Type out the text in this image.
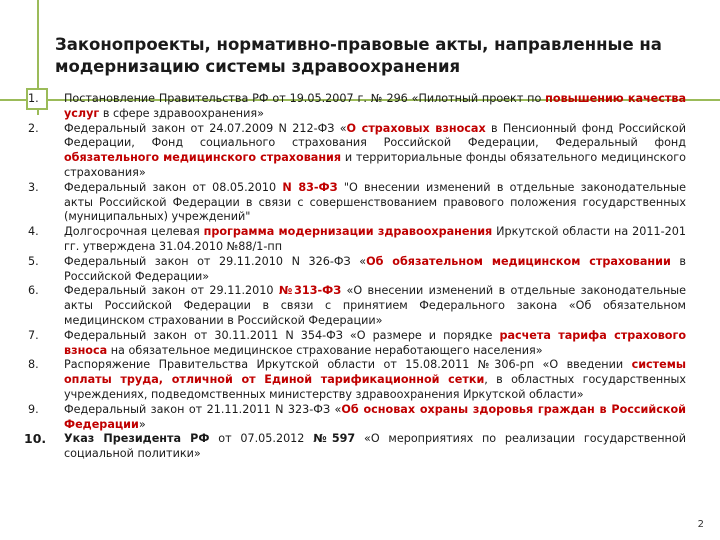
Законопроекты, нормативно-правовые акты, направленные на модернизацию системы здравоохранения
1. Постановление Правительства РФ от 19.05.2007 г. № 296 «Пилотный проект по повышению качества услуг в сфере здравоохранения»
2. Федеральный закон от 24.07.2009 N 212-ФЗ «О страховых взносах в Пенсионный фонд Российской Федерации, Фонд социального страхования Российской Федерации, Федеральный фонд обязательного медицинского страхования и территориальные фонды обязательного медицинского страхования»
3. Федеральный закон от 08.05.2010 N 83-ФЗ "О внесении изменений в отдельные законодательные акты Российской Федерации в связи с совершенствованием правового положения государственных (муниципальных) учреждений"
4. Долгосрочная целевая программа модернизации здравоохранения Иркутской области на 2011-201 гг. утверждена 31.04.2010 №88/1-пп
5. Федеральный закон от 29.11.2010 N 326-ФЗ «Об обязательном медицинском страховании в Российской Федерации»
6. Федеральный закон от 29.11.2010 №313-ФЗ «О внесении изменений в отдельные законодательные акты Российской Федерации в связи с принятием Федерального закона «Об обязательном медицинском страховании в Российской Федерации»
7. Федеральный закон от 30.11.2011 N 354-ФЗ «О размере и порядке расчета тарифа страхового взноса на обязательное медицинское страхование неработающего населения»
8. Распоряжение Правительства Иркутской области от 15.08.2011 №306-рп «О введении системы оплаты труда, отличной от Единой тарификационной сетки, в областных государственных учреждениях, подведомственных министерству здравоохранения Иркутской области»
9. Федеральный закон от 21.11.2011 N 323-ФЗ «Об основах охраны здоровья граждан в Российской Федерации»
10. Указ Президента РФ от 07.05.2012 №597 «О мероприятиях по реализации государственной социальной политики»
2
